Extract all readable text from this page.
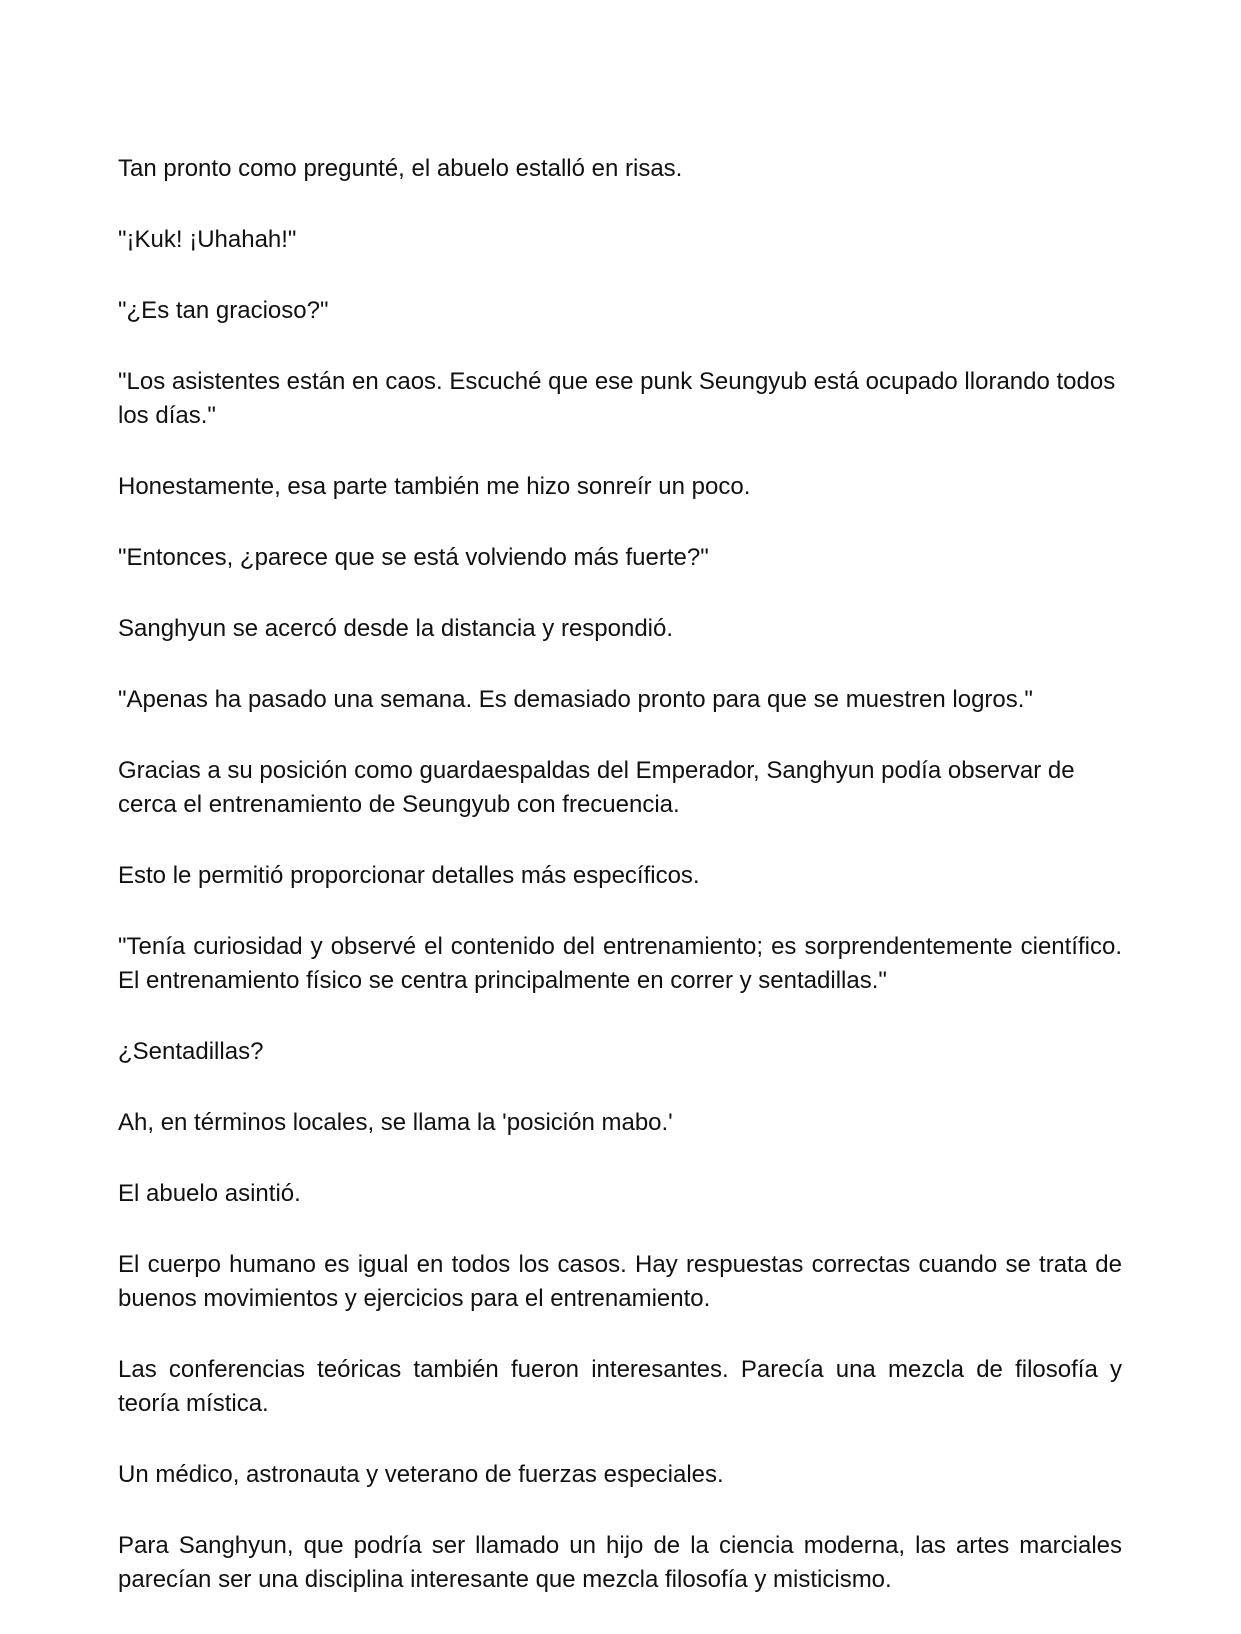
Tan pronto como pregunté, el abuelo estalló en risas.

"¡Kuk! ¡Uhahah!"

"¿Es tan gracioso?"

"Los asistentes están en caos. Escuché que ese punk Seungyub está ocupado llorando todos los días."

Honestamente, esa parte también me hizo sonreír un poco.

"Entonces, ¿parece que se está volviendo más fuerte?"

Sanghyun se acercó desde la distancia y respondió.

"Apenas ha pasado una semana. Es demasiado pronto para que se muestren logros."

Gracias a su posición como guardaespaldas del Emperador, Sanghyun podía observar de cerca el entrenamiento de Seungyub con frecuencia.

Esto le permitió proporcionar detalles más específicos.

"Tenía curiosidad y observé el contenido del entrenamiento; es sorprendentemente científico. El entrenamiento físico se centra principalmente en correr y sentadillas."

¿Sentadillas?

Ah, en términos locales, se llama la 'posición mabo.'

El abuelo asintió.

El cuerpo humano es igual en todos los casos. Hay respuestas correctas cuando se trata de buenos movimientos y ejercicios para el entrenamiento.

Las conferencias teóricas también fueron interesantes. Parecía una mezcla de filosofía y teoría mística.

Un médico, astronauta y veterano de fuerzas especiales.

Para Sanghyun, que podría ser llamado un hijo de la ciencia moderna, las artes marciales parecían ser una disciplina interesante que mezcla filosofía y misticismo.
